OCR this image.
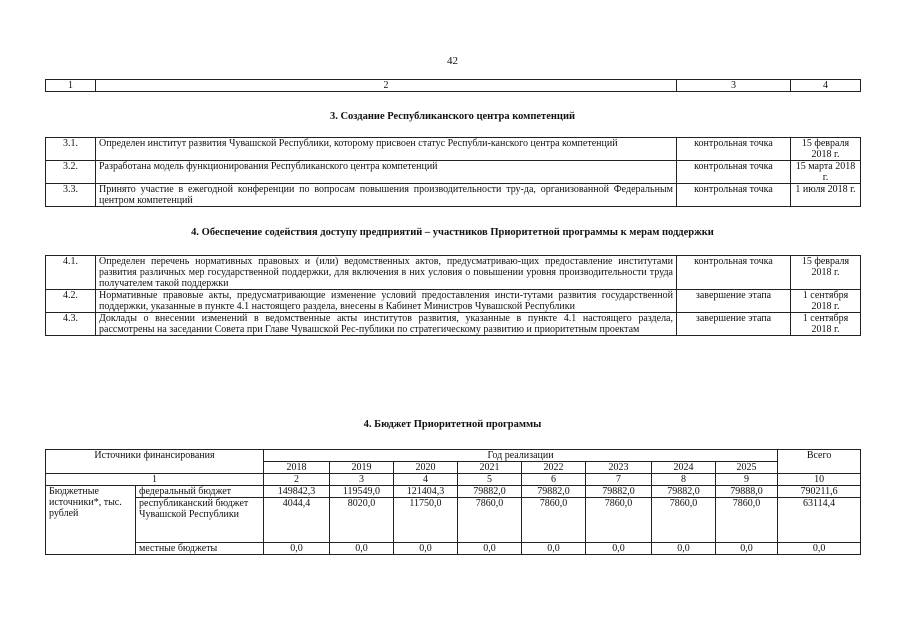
42
1	2	3	4
3. Создание Республиканского центра компетенций
3.1.	Определен институт развития Чувашской Республики, которому присвоен статус Республи-канского центра компетенций	контрольная точка	15 февраля 2018 г.
3.2.	Разработана модель функционирования Республиканского центра компетенций	контрольная точка	15 марта 2018 г.
3.3.	Принято участие в ежегодной конференции по вопросам повышения производительности тру-да, организованной Федеральным центром компетенций	контрольная точка	1 июля 2018 г.
4. Обеспечение содействия доступу предприятий – участников Приоритетной программы к мерам поддержки
4.1.	Определен перечень нормативных правовых и (или) ведомственных актов, предусматриваю-щих предоставление институтами развития различных мер государственной поддержки, для включения в них условия о повышении уровня производительности труда получателем такой поддержки	контрольная точка	15 февраля 2018 г.
4.2.	Нормативные правовые акты, предусматривающие изменение условий предоставления инсти-тутами развития государственной поддержки, указанные в пункте 4.1 настоящего раздела, внесены в Кабинет Министров Чувашской Республики	завершение этапа	1 сентября 2018 г.
4.3.	Доклады о внесении изменений в ведомственные акты институтов развития, указанные в пункте 4.1 настоящего раздела, рассмотрены на заседании Совета при Главе Чувашской Рес-публики по стратегическому развитию и приоритетным проектам	завершение этапа	1 сентября 2018 г.
4. Бюджет Приоритетной программы
Источники финансирования		Год реализации								Всего
		2018	2019	2020	2021	2022	2023	2024	2025	
1		2	3	4	5	6	7	8	9	10
Бюджетные источники*, тыс. рублей	федеральный бюджет	149842,3	119549,0	121404,3	79882,0	79882,0	79882,0	79882,0	79888,0	790211,6
	республиканский бюджет Чувашской Республики	4044,4	8020,0	11750,0	7860,0	7860,0	7860,0	7860,0	7860,0	63114,4
	местные бюджеты	0,0	0,0	0,0	0,0	0,0	0,0	0,0	0,0	0,0
